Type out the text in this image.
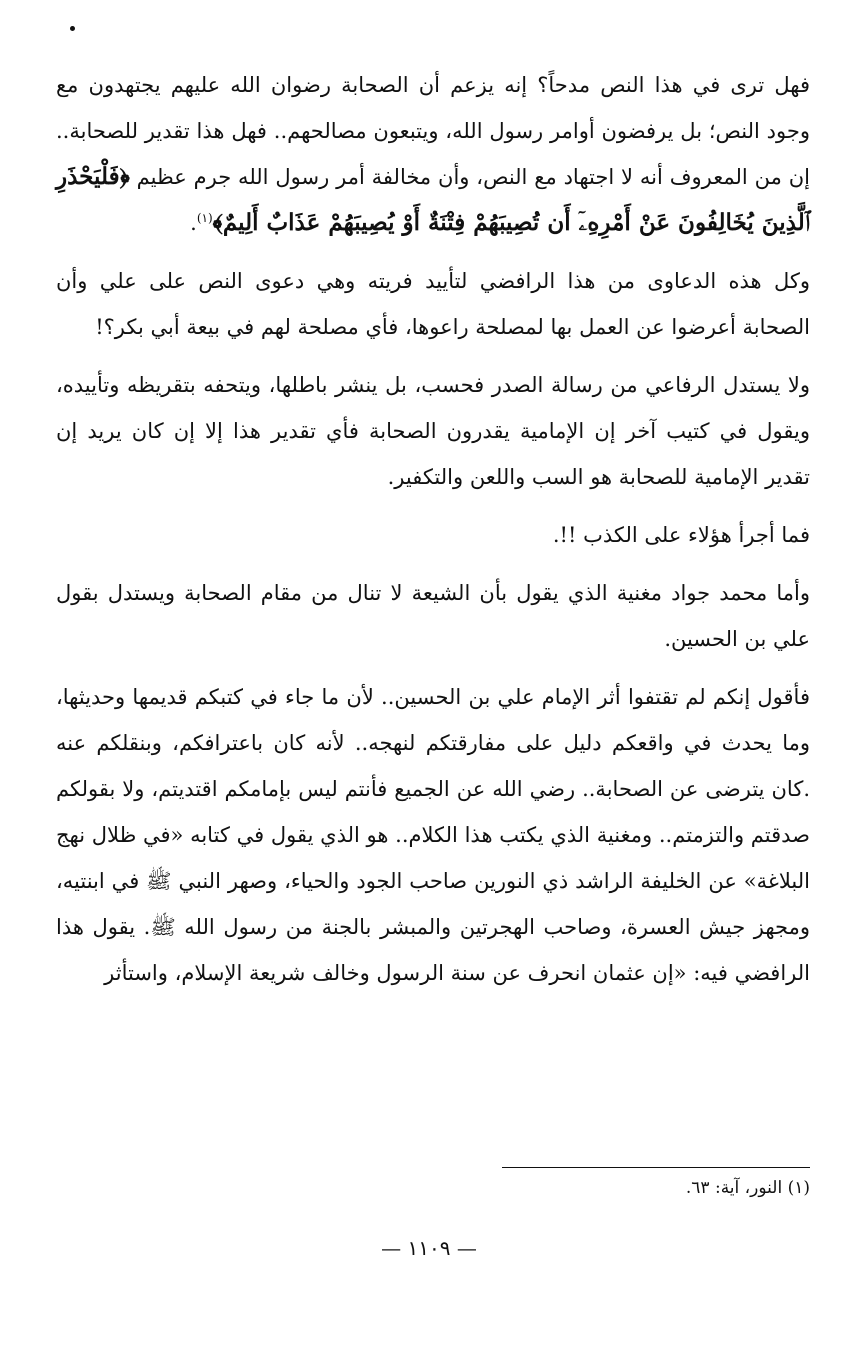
فهل ترى في هذا النص مدحاً؟ إنه يزعم أن الصحابة رضوان الله عليهم يجتهدون مع وجود النص؛ بل يرفضون أوامر رسول الله، ويتبعون مصالحهم.. فهل هذا تقدير للصحابة.. إن من المعروف أنه لا اجتهاد مع النص، وأن مخالفة أمر رسول الله جرم عظيم ﴿فَلْيَحْذَرِ ٱلَّذِينَ يُخَالِفُونَ عَنْ أَمْرِهِۦٓ أَن تُصِيبَهُمْ فِتْنَةٌ أَوْ يُصِيبَهُمْ عَذَابٌ أَلِيمٌ﴾$^{(١)}$.

وكل هذه الدعاوى من هذا الرافضي لتأييد فريته وهي دعوى النص على علي وأن الصحابة أعرضوا عن العمل بها لمصلحة راعوها، فأي مصلحة لهم في بيعة أبي بكر؟!

ولا يستدل الرفاعي من رسالة الصدر فحسب، بل ينشر باطلها، ويتحفه بتقريظه وتأييده، ويقول في كتيب آخر إن الإمامية يقدرون الصحابة فأي تقدير هذا إلا إن كان يريد إن تقدير الإمامية للصحابة هو السب واللعن والتكفير.

فما أجرأ هؤلاء على الكذب !!.

وأما محمد جواد مغنية الذي يقول بأن الشيعة لا تنال من مقام الصحابة ويستدل بقول علي بن الحسين.

فأقول إنكم لم تقتفوا أثر الإمام علي بن الحسين.. لأن ما جاء في كتبكم قديمها وحديثها، وما يحدث في واقعكم دليل على مفارقتكم لنهجه.. لأنه كان باعترافكم، وبنقلكم عنه .كان يترضى عن الصحابة.. رضي الله عن الجميع فأنتم ليس بإمامكم اقتديتم، ولا بقولكم صدقتم والتزمتم.. ومغنية الذي يكتب هذا الكلام.. هو الذي يقول في كتابه «في ظلال نهج البلاغة» عن الخليفة الراشد ذي النورين صاحب الجود والحياء، وصهر النبي ﷺ في ابنتيه، ومجهز جيش العسرة، وصاحب الهجرتين والمبشر بالجنة من رسول الله ﷺ. يقول هذا الرافضي فيه: «إن عثمان انحرف عن سنة الرسول وخالف شريعة الإسلام، واستأثر

(١) النور، آية: ٦٣.

— ١١٠٩ —
